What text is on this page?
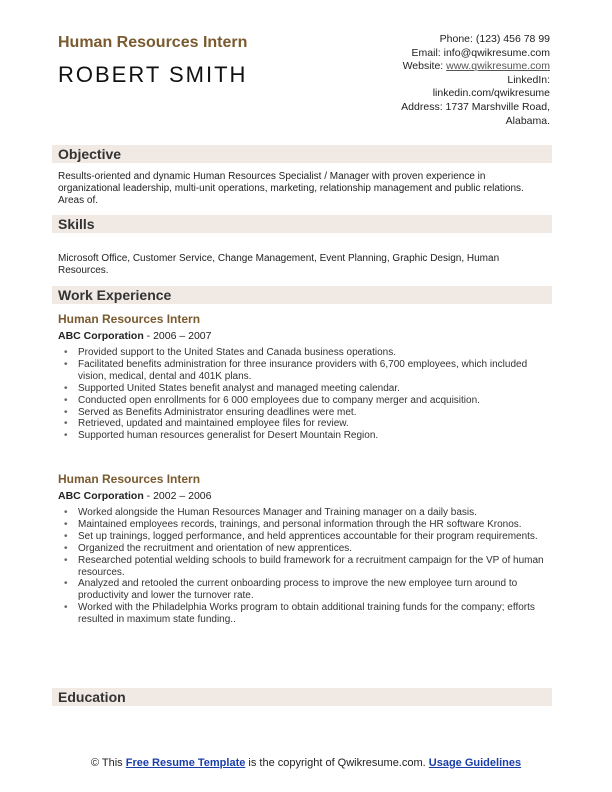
Human Resources Intern
ROBERT SMITH
Phone: (123) 456 78 99
Email: info@qwikresume.com
Website: www.qwikresume.com
LinkedIn:
linkedin.com/qwikresume
Address: 1737 Marshville Road,
Alabama.
Objective
Results-oriented and dynamic Human Resources Specialist / Manager with proven experience in organizational leadership, multi-unit operations, marketing, relationship management and public relations. Areas of.
Skills
Microsoft Office, Customer Service, Change Management, Event Planning, Graphic Design, Human Resources.
Work Experience
Human Resources Intern
ABC Corporation - 2006 – 2007
• Provided support to the United States and Canada business operations.
• Facilitated benefits administration for three insurance providers with 6,700 employees, which included vision, medical, dental and 401K plans.
• Supported United States benefit analyst and managed meeting calendar.
• Conducted open enrollments for 6 000 employees due to company merger and acquisition.
• Served as Benefits Administrator ensuring deadlines were met.
• Retrieved, updated and maintained employee files for review.
• Supported human resources generalist for Desert Mountain Region.
Human Resources Intern
ABC Corporation - 2002 – 2006
• Worked alongside the Human Resources Manager and Training manager on a daily basis.
• Maintained employees records, trainings, and personal information through the HR software Kronos.
• Set up trainings, logged performance, and held apprentices accountable for their program requirements.
• Organized the recruitment and orientation of new apprentices.
• Researched potential welding schools to build framework for a recruitment campaign for the VP of human resources.
• Analyzed and retooled the current onboarding process to improve the new employee turn around to productivity and lower the turnover rate.
• Worked with the Philadelphia Works program to obtain additional training funds for the company; efforts resulted in maximum state funding..
Education
© This Free Resume Template is the copyright of Qwikresume.com. Usage Guidelines
